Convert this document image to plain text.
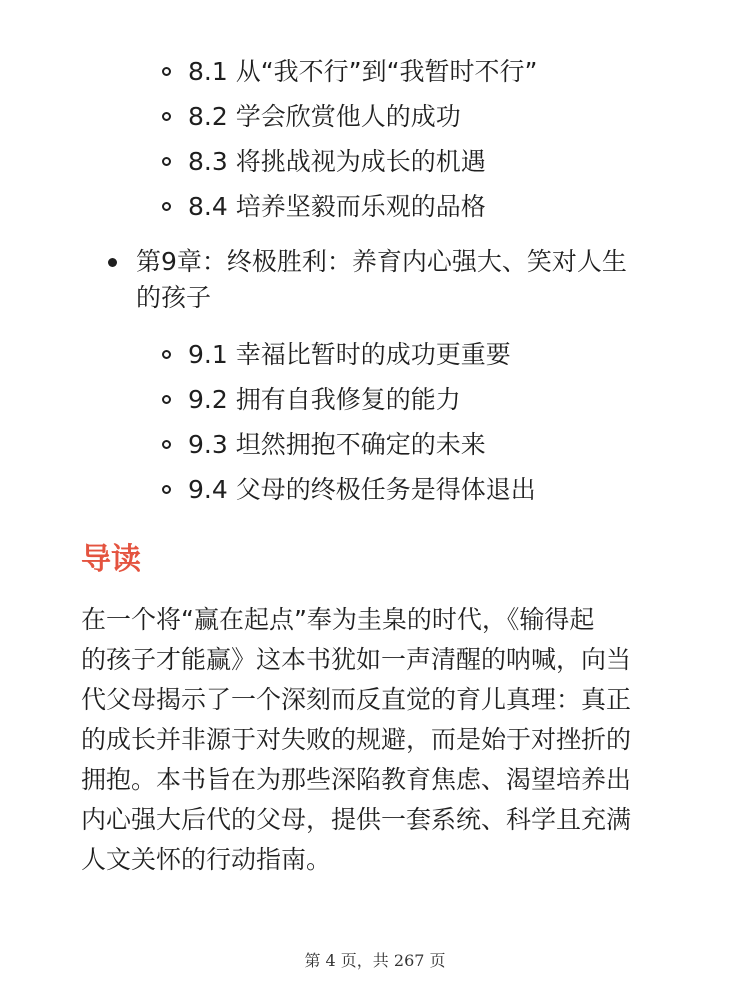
8.1 从“我不行”到“我暂时不行”
8.2 学会欣赏他人的成功
8.3 将挑战视为成长的机遇
8.4 培养坚毅而乐观的品格
第9章：终极胜利：养育内心强大、笑对人生
的孩子
9.1 幸福比暂时的成功更重要
9.2 拥有自我修复的能力
9.3 坦然拥抱不确定的未来
9.4 父母的终极任务是得体退出
导读
在一个将“赢在起点”奉为圭臬的时代，《输得起
的孩子才能赢》这本书犹如一声清醒的呐喊，向当
代父母揭示了一个深刻而反直觉的育儿真理：真正
的成长并非源于对失败的规避，而是始于对挫折的
拥抱。本书旨在为那些深陷教育焦虑、渴望培养出
内心强大后代的父母，提供一套系统、科学且充满
人文关怀的行动指南。
第 4 页，共 267 页
